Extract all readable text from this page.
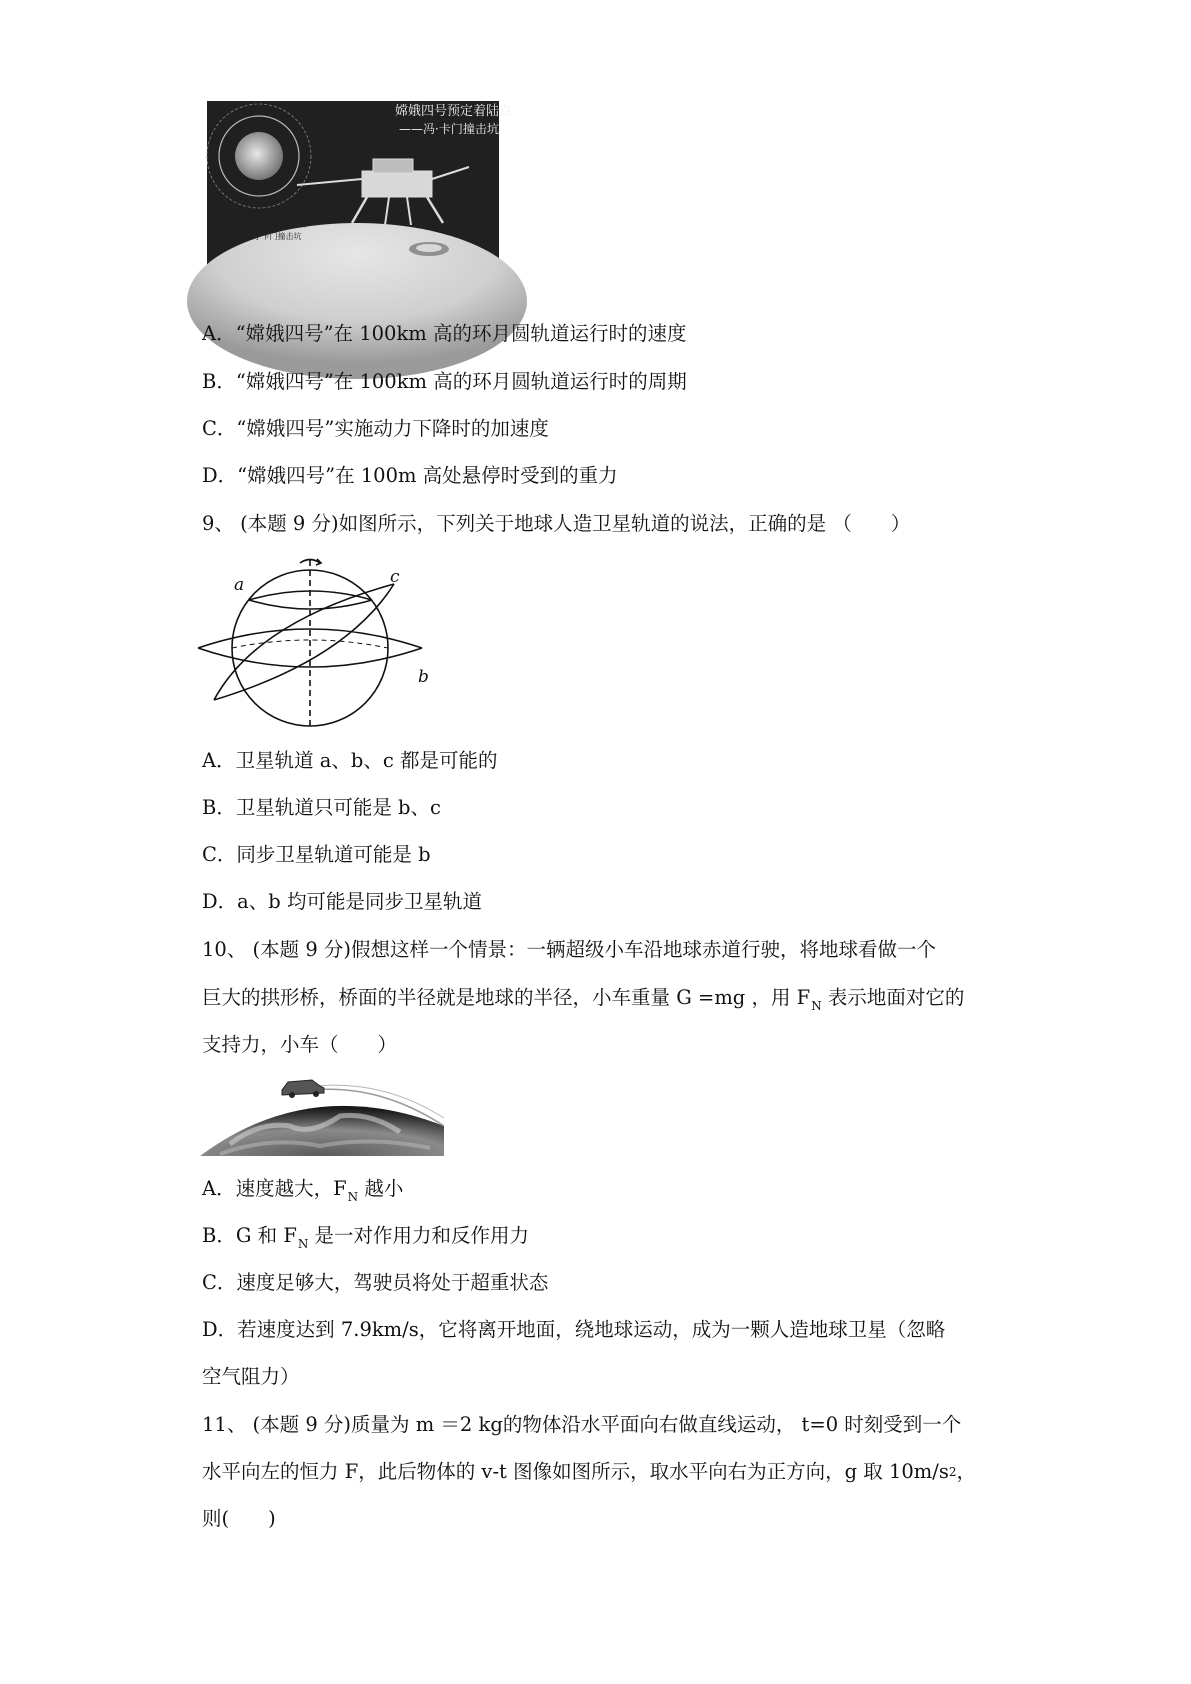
嫦娥四号预定着陆点
——冯·卡门撞击坑
月球背面着陆点
冯·卡门撞击坑
A．“嫦娥四号”在 100km 高的环月圆轨道运行时的速度
B．“嫦娥四号”在 100km 高的环月圆轨道运行时的周期
C．“嫦娥四号”实施动力下降时的加速度
D．“嫦娥四号”在 100m 高处悬停时受到的重力
9、 (本题 9 分)如图所示，下列关于地球人造卫星轨道的说法，正确的是 （　　）
a	c
b
A．卫星轨道 a、b、c 都是可能的
B．卫星轨道只可能是 b、c
C．同步卫星轨道可能是 b
D．a、b 均可能是同步卫星轨道
10、 (本题 9 分)假想这样一个情景：一辆超级小车沿地球赤道行驶，将地球看做一个
巨大的拱形桥，桥面的半径就是地球的半径，小车重量 G =mg ，用 $F_N$ 表示地面对它的
支持力，小车（　　）
A．速度越大，$F_N$ 越小
B．G 和 $F_N$ 是一对作用力和反作用力
C．速度足够大，驾驶员将处于超重状态
D．若速度达到 7.9km/s，它将离开地面，绕地球运动，成为一颗人造地球卫星（忽略
空气阻力）
11、 (本题 9 分)质量为 m ＝2 kg的物体沿水平面向右做直线运动， t=0 时刻受到一个
水平向左的恒力 F，此后物体的 v-t 图像如图所示，取水平向右为正方向，g 取 10m/s2，
则(　　)
